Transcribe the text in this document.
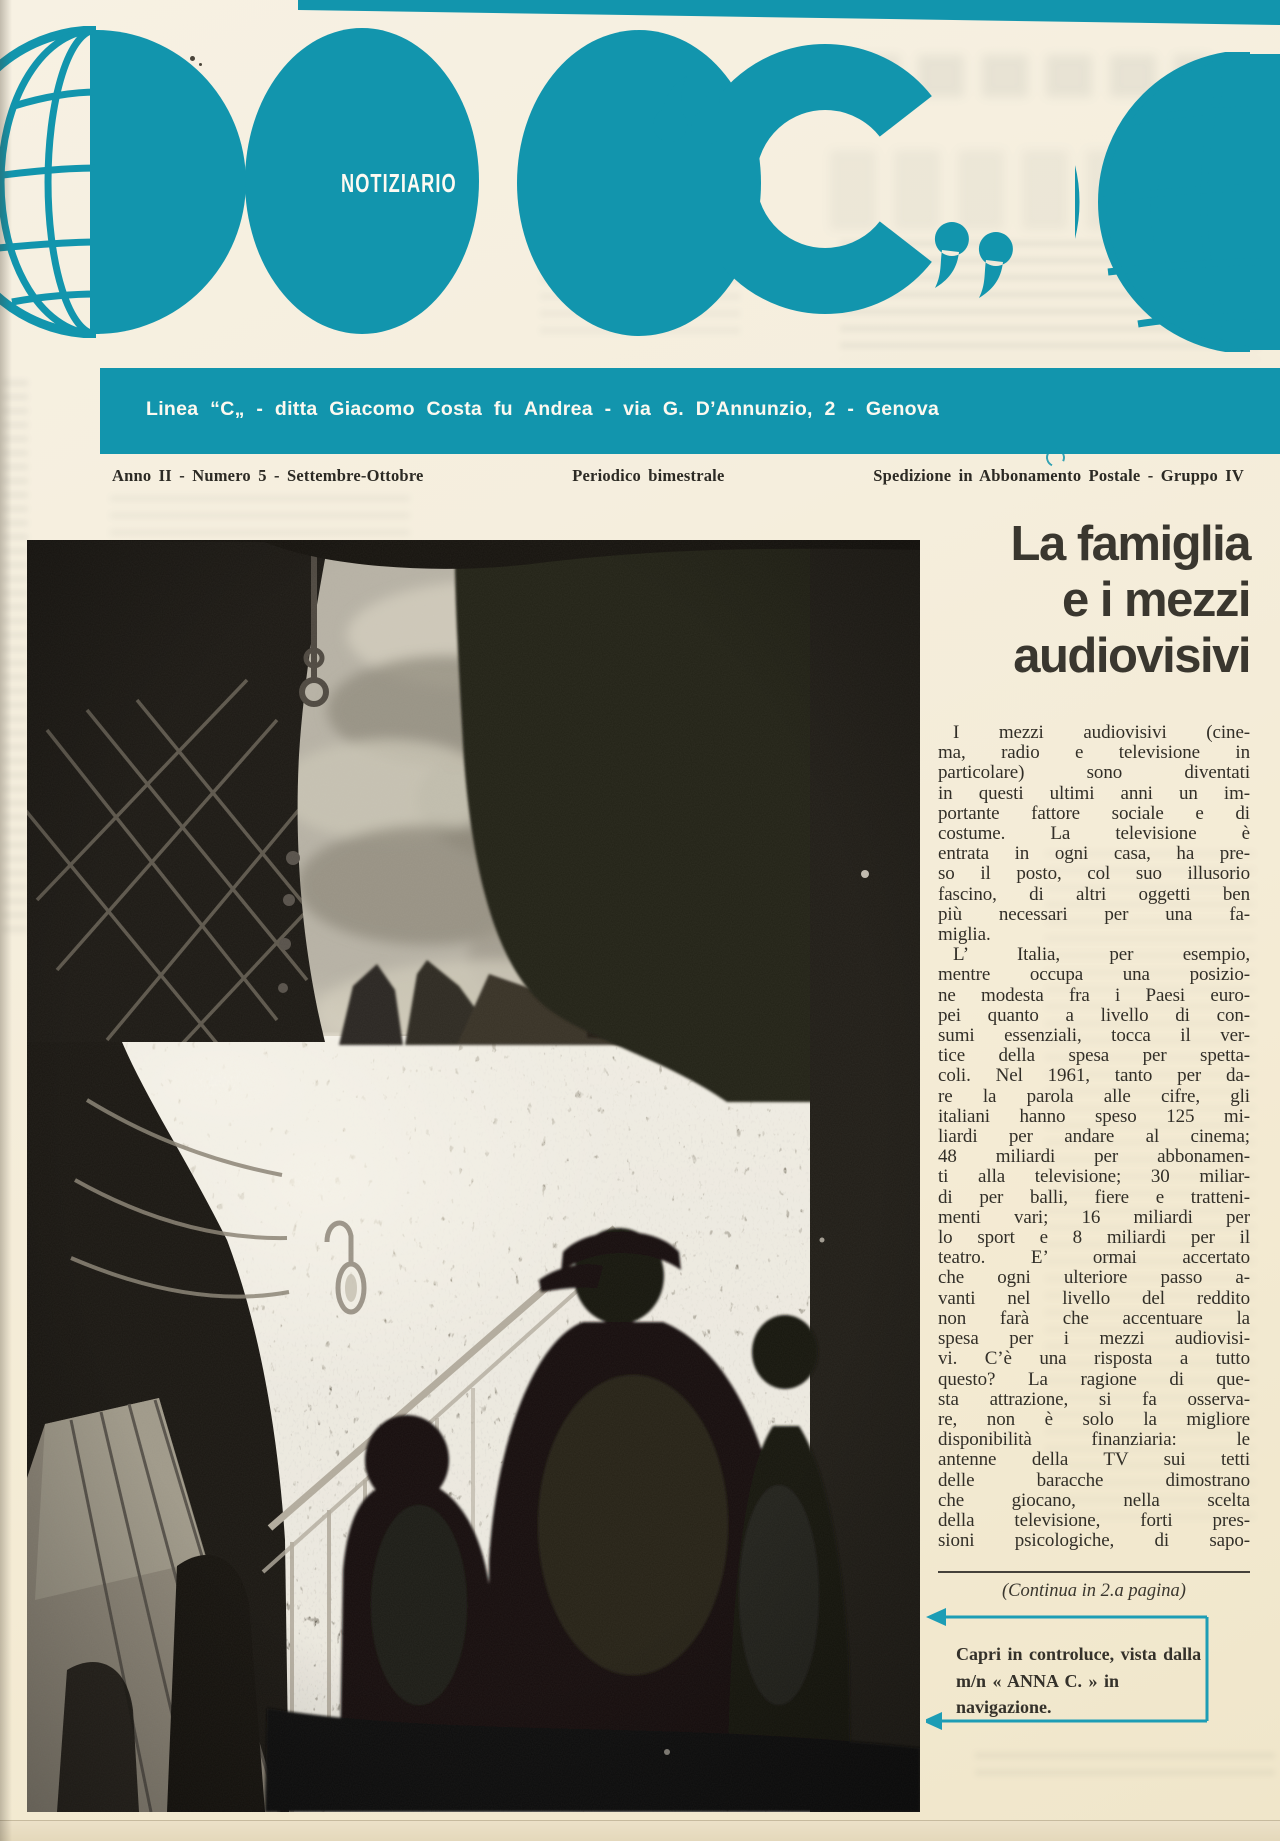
NOTIZIARIO
Linea “C„ - ditta Giacomo Costa fu Andrea - via G. D’Annunzio, 2 - Genova
Anno II - Numero 5 - Settembre-Ottobre	Periodico bimestrale	Spedizione in Abbonamento Postale - Gruppo IV
La famiglia
e i mezzi
audiovisivi
I mezzi audiovisivi (cine-
ma, radio e televisione in
particolare) sono diventati
in questi ultimi anni un im-
portante fattore sociale e di
costume. La televisione è
entrata in ogni casa, ha pre-
so il posto, col suo illusorio
fascino, di altri oggetti ben
più necessari per una fa-
miglia.
L’ Italia, per esempio,
mentre occupa una posizio-
ne modesta fra i Paesi euro-
pei quanto a livello di con-
sumi essenziali, tocca il ver-
tice della spesa per spetta-
coli. Nel 1961, tanto per da-
re la parola alle cifre, gli
italiani hanno speso 125 mi-
liardi per andare al cinema;
48 miliardi per abbonamen-
ti alla televisione; 30 miliar-
di per balli, fiere e tratteni-
menti vari; 16 miliardi per
lo sport e 8 miliardi per il
teatro. E’ ormai accertato
che ogni ulteriore passo a-
vanti nel livello del reddito
non farà che accentuare la
spesa per i mezzi audiovisi-
vi. C’è una risposta a tutto
questo? La ragione di que-
sta attrazione, si fa osserva-
re, non è solo la migliore
disponibilità finanziaria: le
antenne della TV sui tetti
delle baracche dimostrano
che giocano, nella scelta
della televisione, forti pres-
sioni psicologiche, di sapo-
(Continua in 2.a pagina)
Capri in controluce, vista dalla
m/n « ANNA C. » in navigazione.
